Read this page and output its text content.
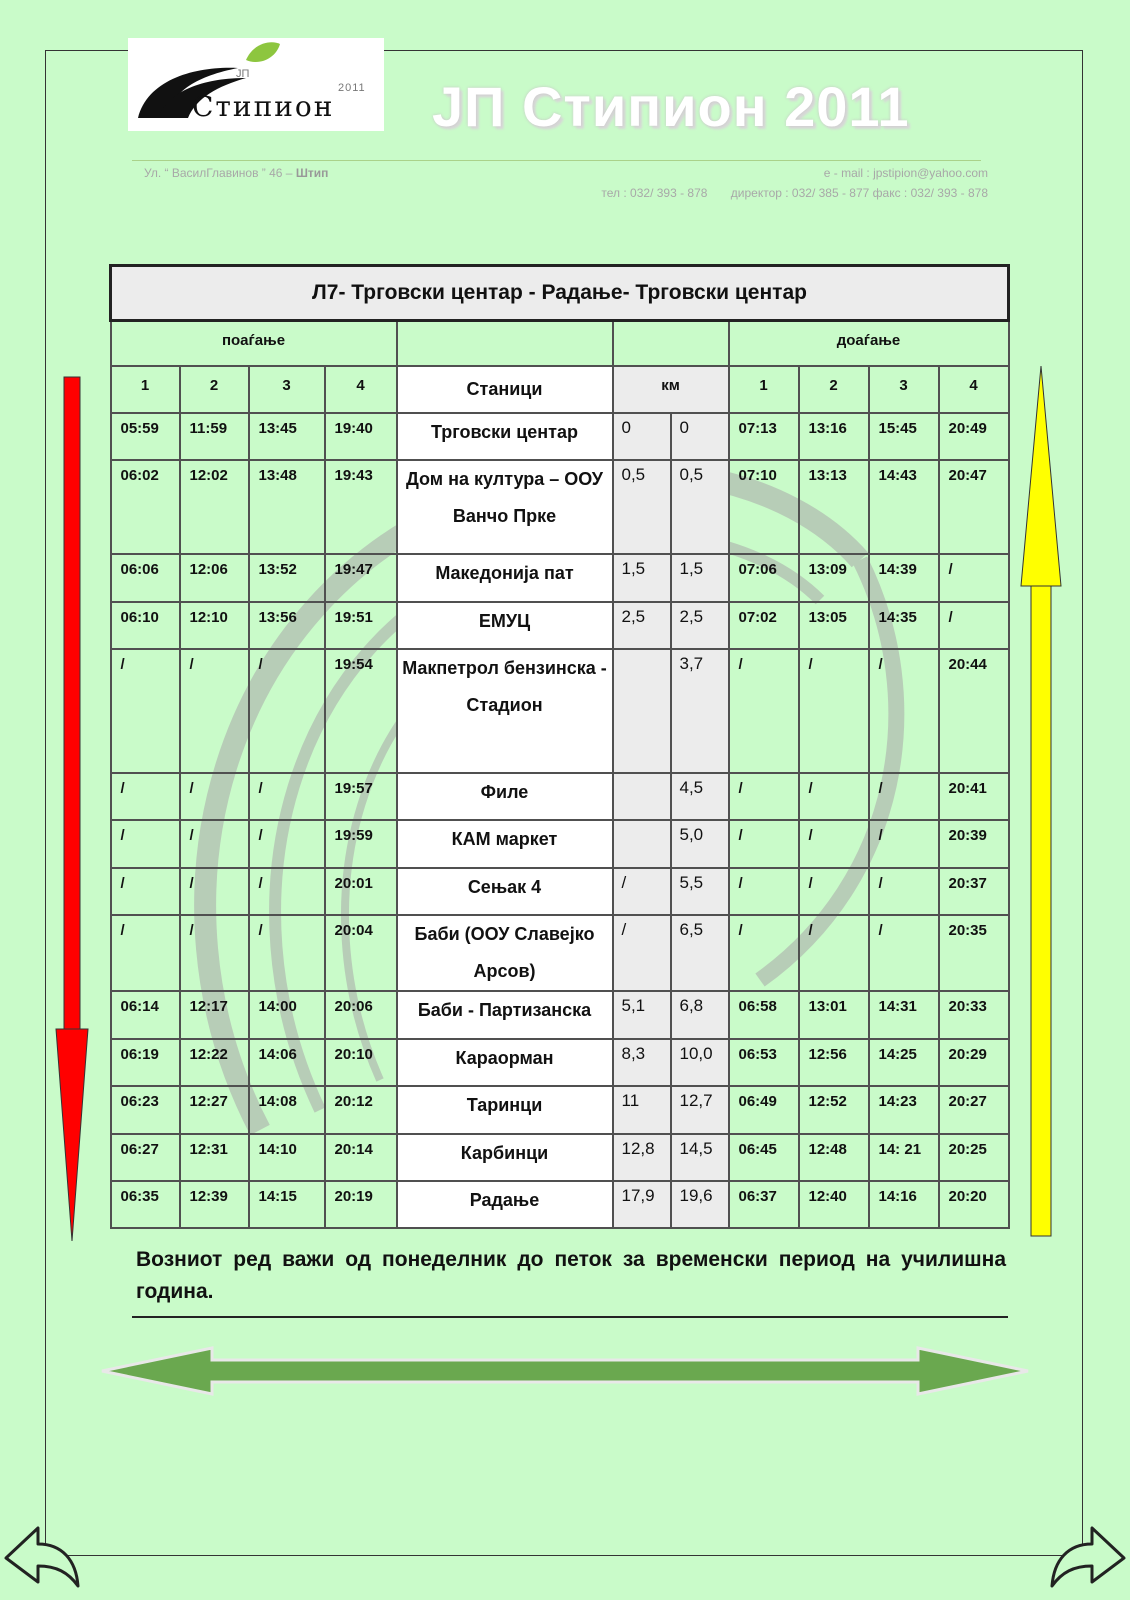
ЈП
2011
Стипион ЈП Стипион 2011
Ул. “ ВасилГлавинов ” 46 – Штип	e - mail : jpstipion@yahoo.com
тел : 032/ 393 - 878       директор : 032/ 385 - 877 факс : 032/ 393 - 878
Л7- Трговски центар - Радање- Трговски центар										
поаѓање							доаѓање			
1	2	3	4	Станици	км		1	2	3	4
05:59	11:59	13:45	19:40	Трговски центар	0	0	07:13	13:16	15:45	20:49
06:02	12:02	13:48	19:43	Дом на култура – ООУ Ванчо Прке	0,5	0,5	07:10	13:13	14:43	20:47
06:06	12:06	13:52	19:47	Македонија пат	1,5	1,5	07:06	13:09	14:39	/
06:10	12:10	13:56	19:51	ЕМУЦ	2,5	2,5	07:02	13:05	14:35	/
/	/	/	19:54	Макпетрол бензинска - Стадион		3,7	/	/	/	20:44
/	/	/	19:57	Филе		4,5	/	/	/	20:41
/	/	/	19:59	КАМ маркет		5,0	/	/	/	20:39
/	/	/	20:01	Сењак 4	/	5,5	/	/	/	20:37
/	/	/	20:04	Баби (ООУ Славејко Арсов)	/	6,5	/	/	/	20:35
06:14	12:17	14:00	20:06	Баби - Партизанска	5,1	6,8	06:58	13:01	14:31	20:33
06:19	12:22	14:06	20:10	Караорман	8,3	10,0	06:53	12:56	14:25	20:29
06:23	12:27	14:08	20:12	Таринци	11	12,7	06:49	12:52	14:23	20:27
06:27	12:31	14:10	20:14	Карбинци	12,8	14,5	06:45	12:48	14: 21	20:25
06:35	12:39	14:15	20:19	Радање	17,9	19,6	06:37	12:40	14:16	20:20
Возниот ред важи од понеделник до петок за временски период на училишна година.
